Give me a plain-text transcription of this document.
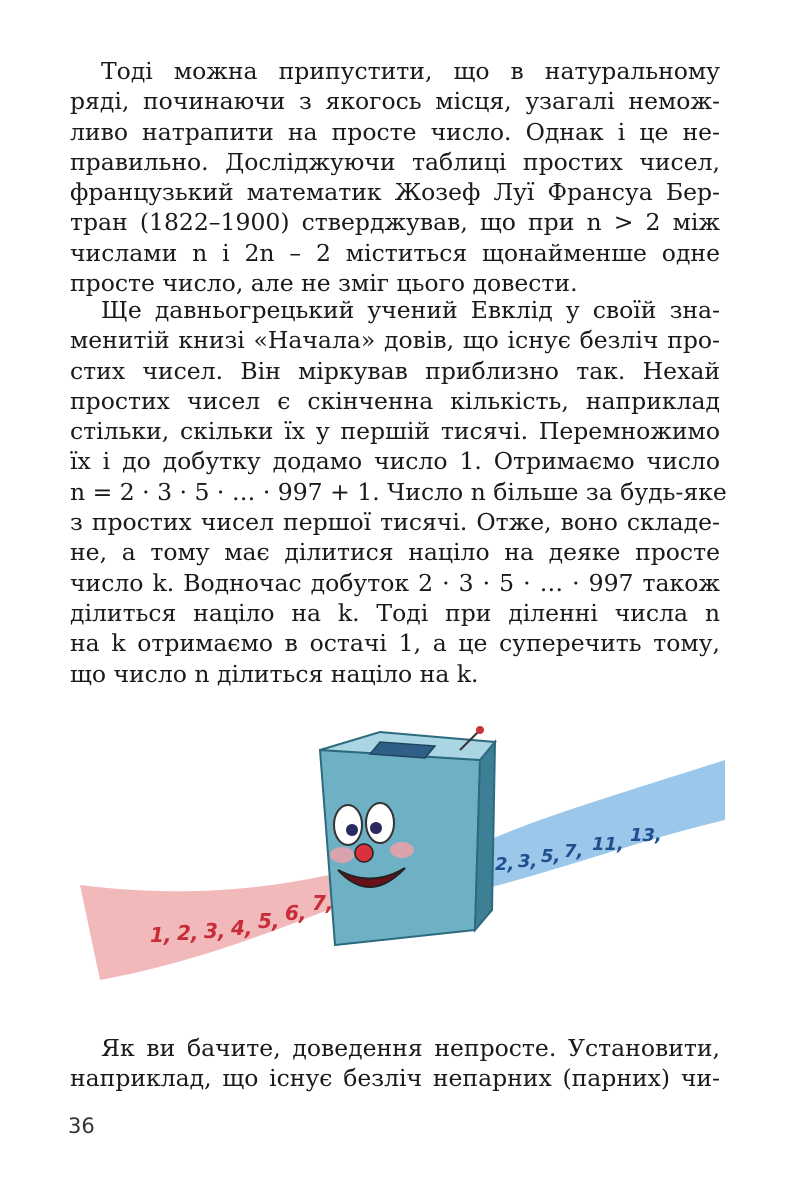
Тоді можна припустити, що в натуральному
ряді, починаючи з якогось місця, узагалі немож-
ливо натрапити на просте число. Однак і це не-
правильно. Досліджуючи таблиці простих чисел,
французький математик Жозеф Луї Франсуа Бер-
тран (1822–1900) стверджував, що при n > 2 між
числами n і 2n – 2 міститься щонайменше одне
просте число, але не зміг цього довести.
Ще давньогрецький учений Евклід у своїй зна-
менитій книзі «Начала» довів, що існує безліч про-
стих чисел. Він міркував приблизно так. Нехай
простих чисел є скінченна кількість, наприклад
стільки, скільки їх у першій тисячі. Перемножимо
їх і до добутку додамо число 1. Отримаємо число
n = 2 · 3 · 5 · … · 997 + 1. Число n більше за будь-яке
з простих чисел першої тисячі. Отже, воно складе-
не, а тому має ділитися націло на деяке просте
число k. Водночас добуток 2 · 3 · 5 · … · 997 також
ділиться націло на k. Тоді при діленні числа n
на k отримаємо в остачі 1, а це суперечить тому,
що число n ділиться націло на k.
1, 2, 3, 4, 5, 6, 7,
2, 3, 5, 7, 11, 13,
Як ви бачите, доведення непросте. Установити,
наприклад, що існує безліч непарних (парних) чи-
36
